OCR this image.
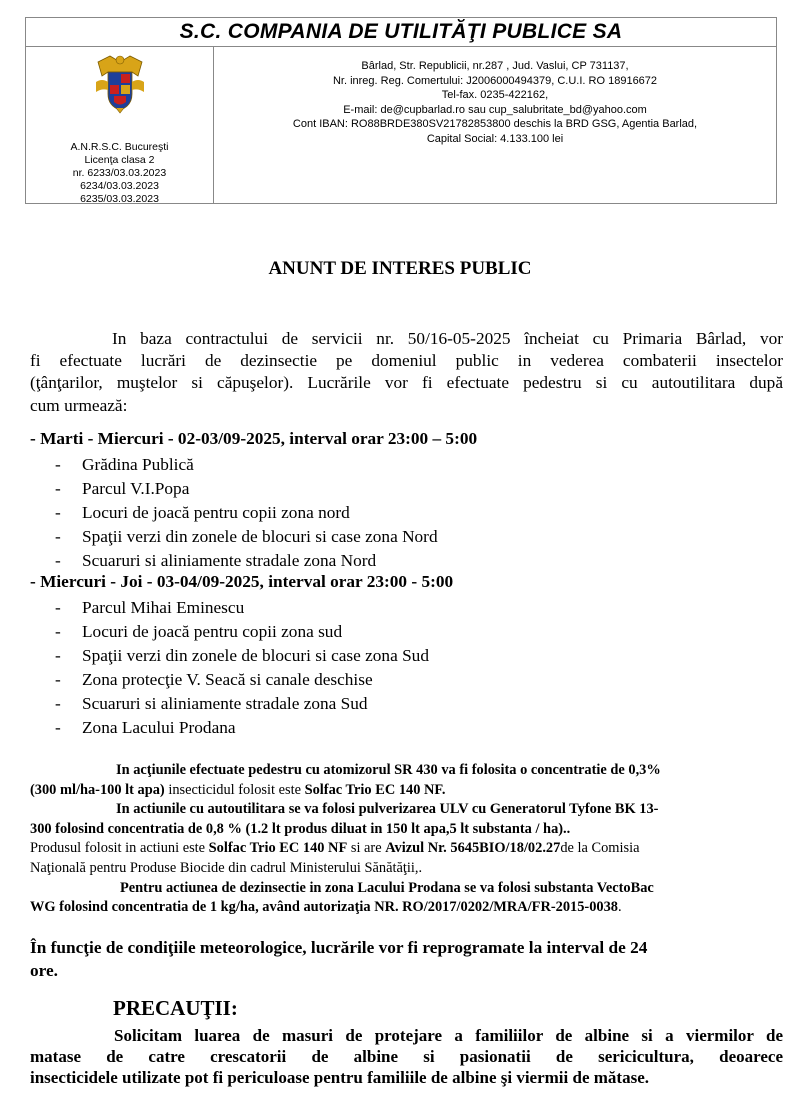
S.C. COMPANIA DE UTILITĂŢI PUBLICE SA
A.N.R.S.C. Bucureşti
Licenţa clasa 2
nr. 6233/03.03.2023
6234/03.03.2023
6235/03.03.2023
Bârlad, Str. Republicii, nr.287 , Jud. Vaslui, CP 731137,
Nr. inreg. Reg. Comertului: J2006000494379, C.U.I. RO 18916672
Tel-fax. 0235-422162,
E-mail: de@cupbarlad.ro sau cup_salubritate_bd@yahoo.com
Cont IBAN: RO88BRDE380SV21782853800 deschis la BRD GSG, Agentia Barlad,
Capital Social: 4.133.100 lei
ANUNT DE INTERES PUBLIC
In baza contractului de servicii nr. 50/16-05-2025 încheiat cu Primaria Bârlad, vor
fi efectuate lucrări de dezinsectie pe domeniul public in vederea combaterii insectelor
(ţânţarilor, muştelor si căpuşelor). Lucrările vor fi efectuate pedestru si cu autoutilitara după
cum urmează:
- Marti - Miercuri - 02-03/09-2025, interval orar 23:00 – 5:00
- Grădina Publică
- Parcul V.I.Popa
- Locuri de joacă pentru copii zona nord
- Spaţii verzi din zonele de blocuri si case zona Nord
- Scuaruri si aliniamente stradale zona Nord
- Miercuri - Joi - 03-04/09-2025, interval orar 23:00 - 5:00
- Parcul Mihai Eminescu
- Locuri de joacă pentru copii zona sud
- Spaţii verzi din zonele de blocuri si case zona Sud
- Zona protecţie V. Seacă si canale deschise
- Scuaruri si aliniamente stradale zona Sud
- Zona Lacului Prodana
In acţiunile efectuate pedestru cu atomizorul SR 430 va fi folosita o concentratie de 0,3%
(300 ml/ha-100 lt apa) insecticidul folosit este Solfac Trio EC 140 NF.
In actiunile cu autoutilitara se va folosi pulverizarea ULV cu Generatorul Tyfone BK 13-
300 folosind concentratia de 0,8 % (1.2 lt produs diluat in 150 lt apa,5 lt substanta / ha)..
Produsul folosit in actiuni este Solfac Trio EC 140 NF si are Avizul Nr. 5645BIO/18/02.27de la Comisia
Naţională pentru Produse Biocide din cadrul Ministerului Sănătăţii,.
Pentru actiunea de dezinsectie in zona Lacului Prodana se va folosi substanta VectoBac
WG folosind concentratia de 1 kg/ha, având autorizaţia NR. RO/2017/0202/MRA/FR-2015-0038.
În funcţie de condiţiile meteorologice, lucrările vor fi reprogramate la interval de 24
ore.
PRECAUŢII:
Solicitam luarea de masuri de protejare a familiilor de albine si a viermilor de
matase de catre crescatorii de albine si pasionatii de sericicultura, deoarece
insecticidele utilizate pot fi periculoase pentru familiile de albine şi viermii de mătase.
